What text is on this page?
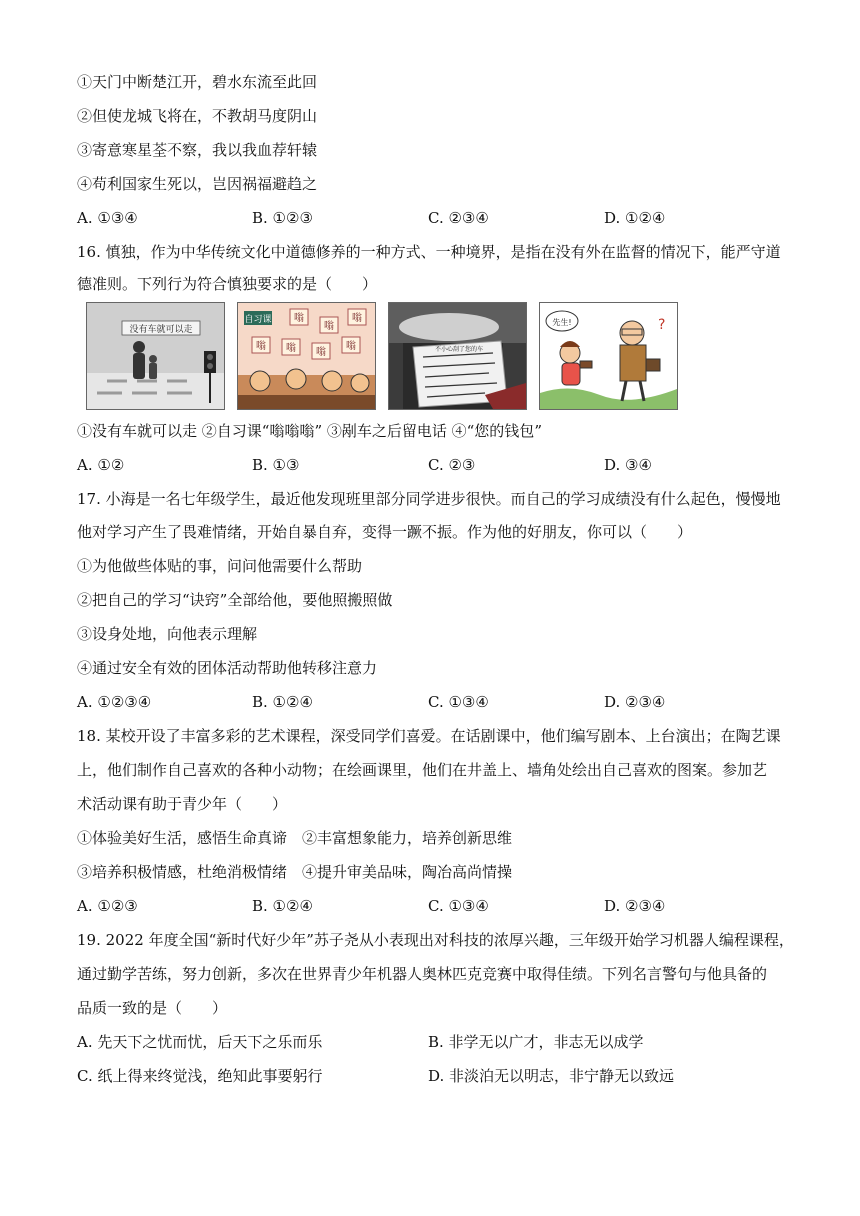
①天门中断楚江开，碧水东流至此回
②但使龙城飞将在，不教胡马度阴山
③寄意寒星荃不察，我以我血荐轩辕
④苟利国家生死以，岂因祸福避趋之
A. ①③④	B. ①②③	C. ②③④	D. ①②④
16. 慎独，作为中华传统文化中道德修养的一种方式、一种境界，是指在没有外在监督的情况下，能严守道
德准则。下列行为符合慎独要求的是（　　）
没有车就可以走
自习课 嗡
嗡
嗡
嗡 嗡 嗡
嗡	不小心刮了您的车
先生!	?
①没有车就可以走 ②自习课“嗡嗡嗡” ③剐车之后留电话 ④“您的钱包”
A. ①②	B. ①③	C. ②③	D. ③④
17. 小海是一名七年级学生，最近他发现班里部分同学进步很快。而自己的学习成绩没有什么起色，慢慢地
他对学习产生了畏难情绪，开始自暴自弃，变得一蹶不振。作为他的好朋友，你可以（　　）
①为他做些体贴的事，问问他需要什么帮助
②把自己的学习“诀窍”全部给他，要他照搬照做
③设身处地，向他表示理解
④通过安全有效的团体活动帮助他转移注意力
A. ①②③④	B. ①②④	C. ①③④	D. ②③④
18. 某校开设了丰富多彩的艺术课程，深受同学们喜爱。在话剧课中，他们编写剧本、上台演出；在陶艺课
上，他们制作自己喜欢的各种小动物；在绘画课里，他们在井盖上、墙角处绘出自己喜欢的图案。参加艺
术活动课有助于青少年（　　）
①体验美好生活，感悟生命真谛　②丰富想象能力，培养创新思维
③培养积极情感，杜绝消极情绪　④提升审美品味，陶冶高尚情操
A. ①②③	B. ①②④	C. ①③④	D. ②③④
19. 2022 年度全国“新时代好少年”苏子尧从小表现出对科技的浓厚兴趣，三年级开始学习机器人编程课程，
通过勤学苦练，努力创新，多次在世界青少年机器人奥林匹克竞赛中取得佳绩。下列名言警句与他具备的
品质一致的是（　　）
A. 先天下之忧而忧，后天下之乐而乐	B. 非学无以广才，非志无以成学
C. 纸上得来终觉浅，绝知此事要躬行	D. 非淡泊无以明志，非宁静无以致远
